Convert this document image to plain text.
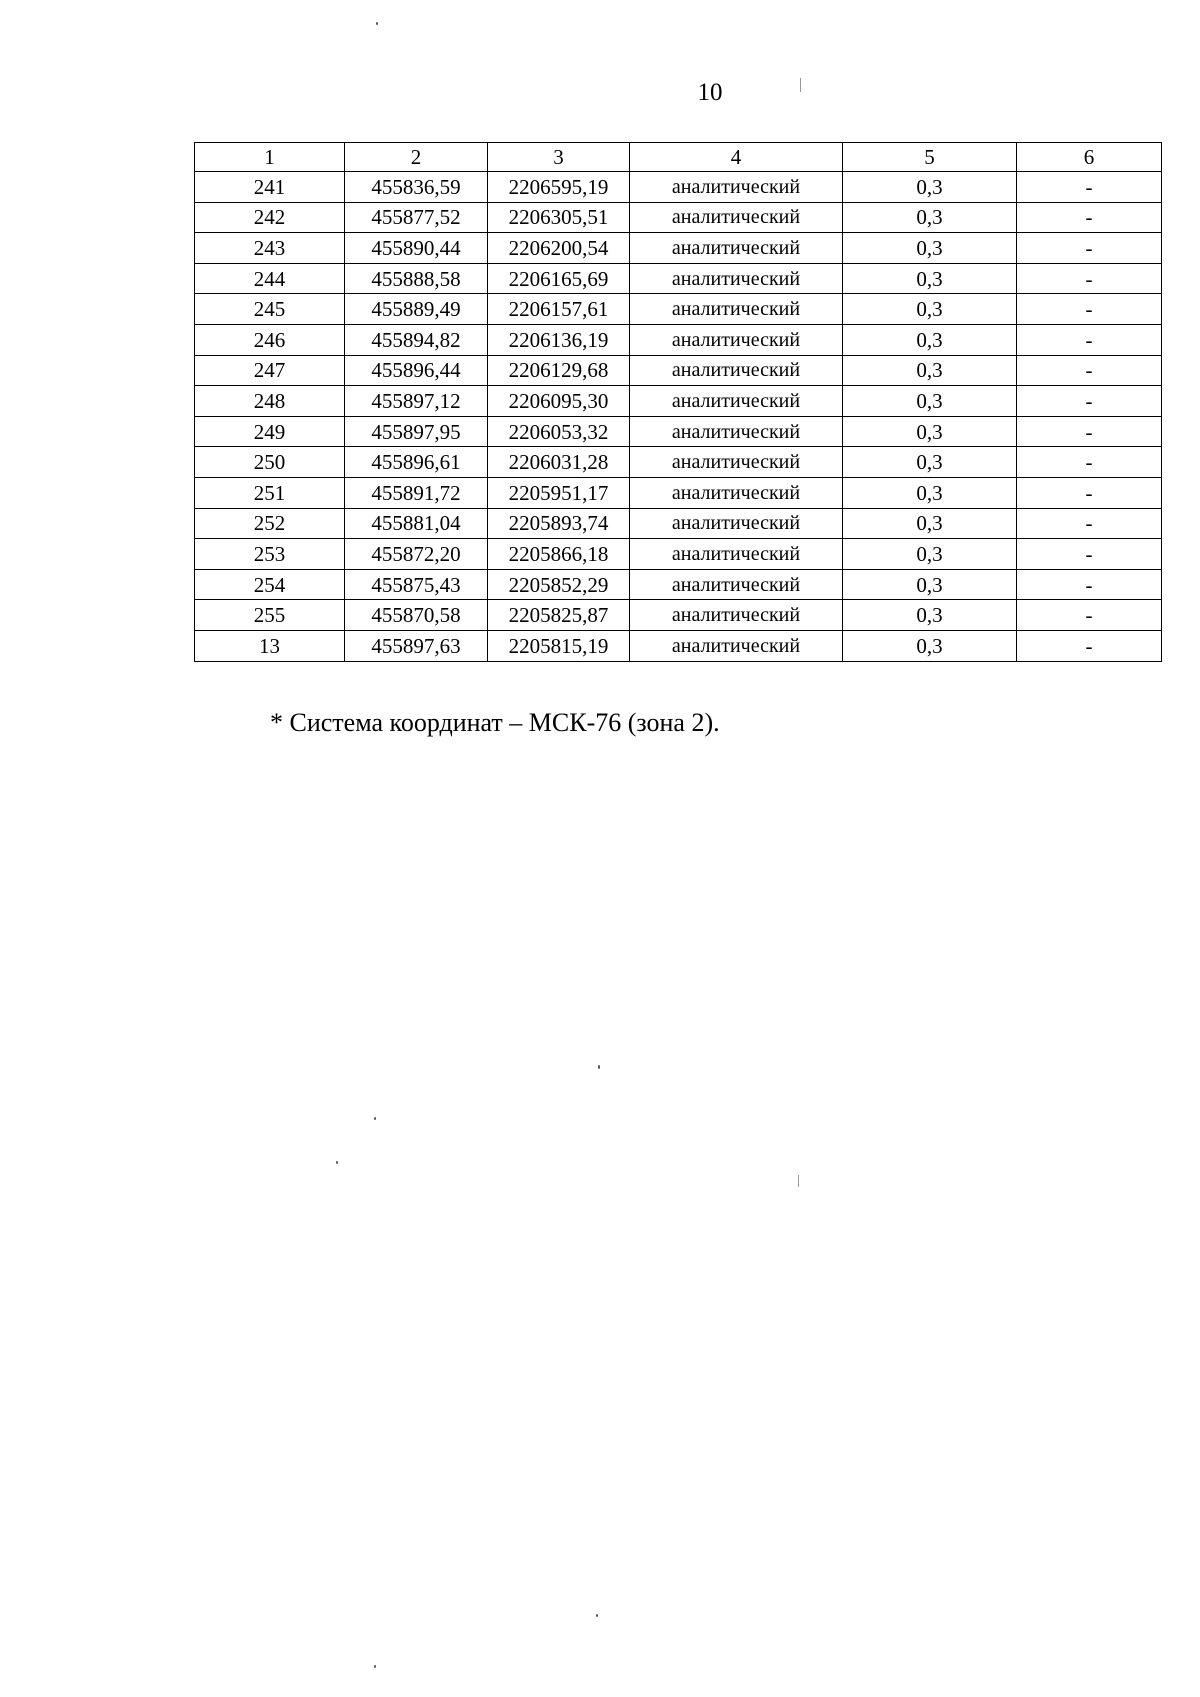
10
1	2	3	4	5	6
241	455836,59	2206595,19	аналитический	0,3	-
242	455877,52	2206305,51	аналитический	0,3	-
243	455890,44	2206200,54	аналитический	0,3	-
244	455888,58	2206165,69	аналитический	0,3	-
245	455889,49	2206157,61	аналитический	0,3	-
246	455894,82	2206136,19	аналитический	0,3	-
247	455896,44	2206129,68	аналитический	0,3	-
248	455897,12	2206095,30	аналитический	0,3	-
249	455897,95	2206053,32	аналитический	0,3	-
250	455896,61	2206031,28	аналитический	0,3	-
251	455891,72	2205951,17	аналитический	0,3	-
252	455881,04	2205893,74	аналитический	0,3	-
253	455872,20	2205866,18	аналитический	0,3	-
254	455875,43	2205852,29	аналитический	0,3	-
255	455870,58	2205825,87	аналитический	0,3	-
13	455897,63	2205815,19	аналитический	0,3	-
* Система координат – МСК-76 (зона 2).
